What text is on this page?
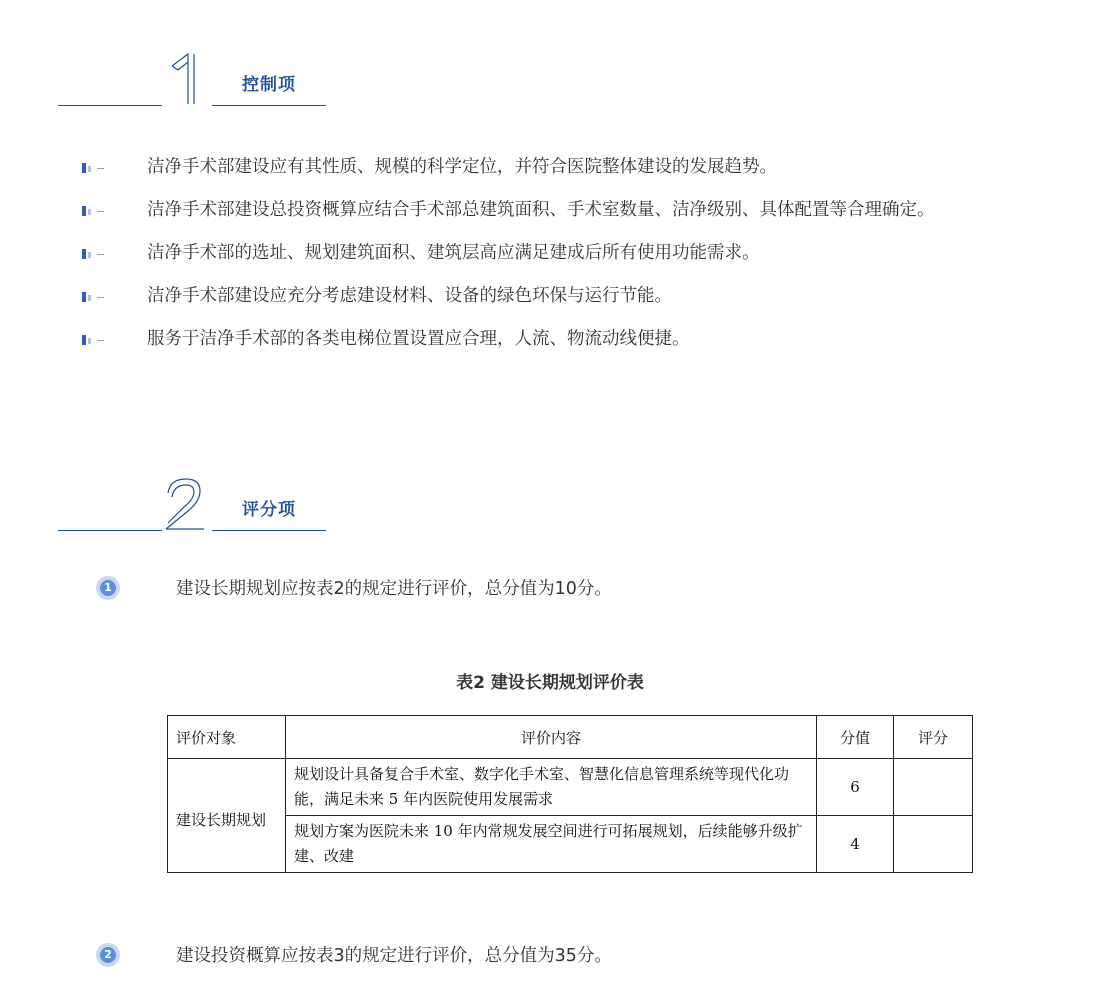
控制项
洁净手术部建设应有其性质、规模的科学定位，并符合医院整体建设的发展趋势。
洁净手术部建设总投资概算应结合手术部总建筑面积、手术室数量、洁净级别、具体配置等合理确定。
洁净手术部的选址、规划建筑面积、建筑层高应满足建成后所有使用功能需求。
洁净手术部建设应充分考虑建设材料、设备的绿色环保与运行节能。
服务于洁净手术部的各类电梯位置设置应合理，人流、物流动线便捷。
评分项
1	建设长期规划应按表2的规定进行评价，总分值为10分。
表2 建设长期规划评价表
评价对象	评价内容	分值	评分
建设长期规划	规划设计具备复合手术室、数字化手术室、智慧化信息管理系统等现代化功能，满足未来 5 年内医院使用发展需求	6	
	规划方案为医院未来 10 年内常规发展空间进行可拓展规划，后续能够升级扩建、改建	4	
2	建设投资概算应按表3的规定进行评价，总分值为35分。
